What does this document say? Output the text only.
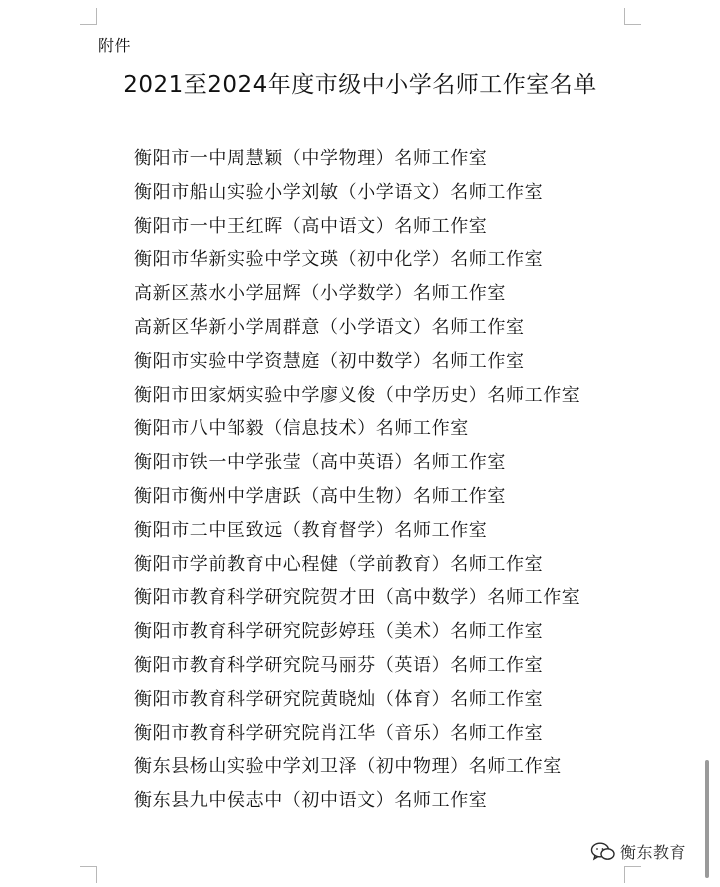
附件
2021至2024年度市级中小学名师工作室名单
衡阳市一中周慧颖（中学物理）名师工作室
衡阳市船山实验小学刘敏（小学语文）名师工作室
衡阳市一中王红晖（高中语文）名师工作室
衡阳市华新实验中学文瑛（初中化学）名师工作室
高新区蒸水小学屈辉（小学数学）名师工作室
高新区华新小学周群意（小学语文）名师工作室
衡阳市实验中学资慧庭（初中数学）名师工作室
衡阳市田家炳实验中学廖义俊（中学历史）名师工作室
衡阳市八中邹毅（信息技术）名师工作室
衡阳市铁一中学张莹（高中英语）名师工作室
衡阳市衡州中学唐跃（高中生物）名师工作室
衡阳市二中匡致远（教育督学）名师工作室
衡阳市学前教育中心程健（学前教育）名师工作室
衡阳市教育科学研究院贺才田（高中数学）名师工作室
衡阳市教育科学研究院彭婷珏（美术）名师工作室
衡阳市教育科学研究院马丽芬（英语）名师工作室
衡阳市教育科学研究院黄晓灿（体育）名师工作室
衡阳市教育科学研究院肖江华（音乐）名师工作室
衡东县杨山实验中学刘卫泽（初中物理）名师工作室
衡东县九中侯志中（初中语文）名师工作室
衡东教育
